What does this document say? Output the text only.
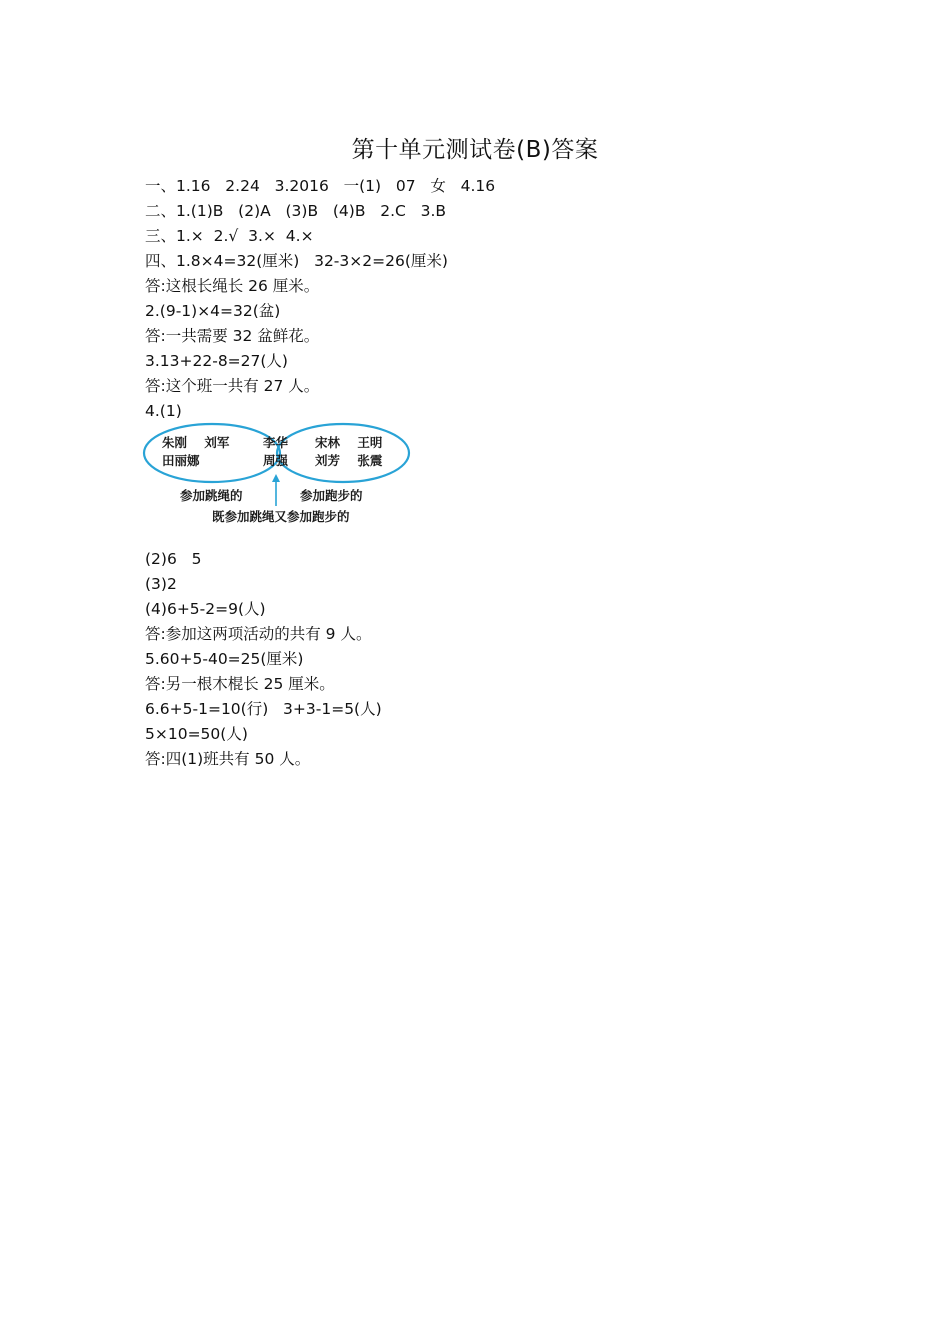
第十单元测试卷(B)答案
一、1.16   2.24   3.2016   一(1)   07   女   4.16
二、1.(1)B   (2)A   (3)B   (4)B   2.C   3.B
三、1.×  2.√  3.×  4.×
四、1.8×4=32(厘米)   32-3×2=26(厘米)
答:这根长绳长 26 厘米。
2.(9-1)×4=32(盆)
答:一共需要 32 盆鲜花。
3.13+22-8=27(人)
答:这个班一共有 27 人。
4.(1)
朱刚    刘军
田丽娜
李华
周强
宋林    王明
刘芳    张震
参加跳绳的	参加跑步的
既参加跳绳又参加跑步的
(2)6   5
(3)2
(4)6+5-2=9(人)
答:参加这两项活动的共有 9 人。
5.60+5-40=25(厘米)
答:另一根木棍长 25 厘米。
6.6+5-1=10(行)   3+3-1=5(人)
5×10=50(人)
答:四(1)班共有 50 人。
